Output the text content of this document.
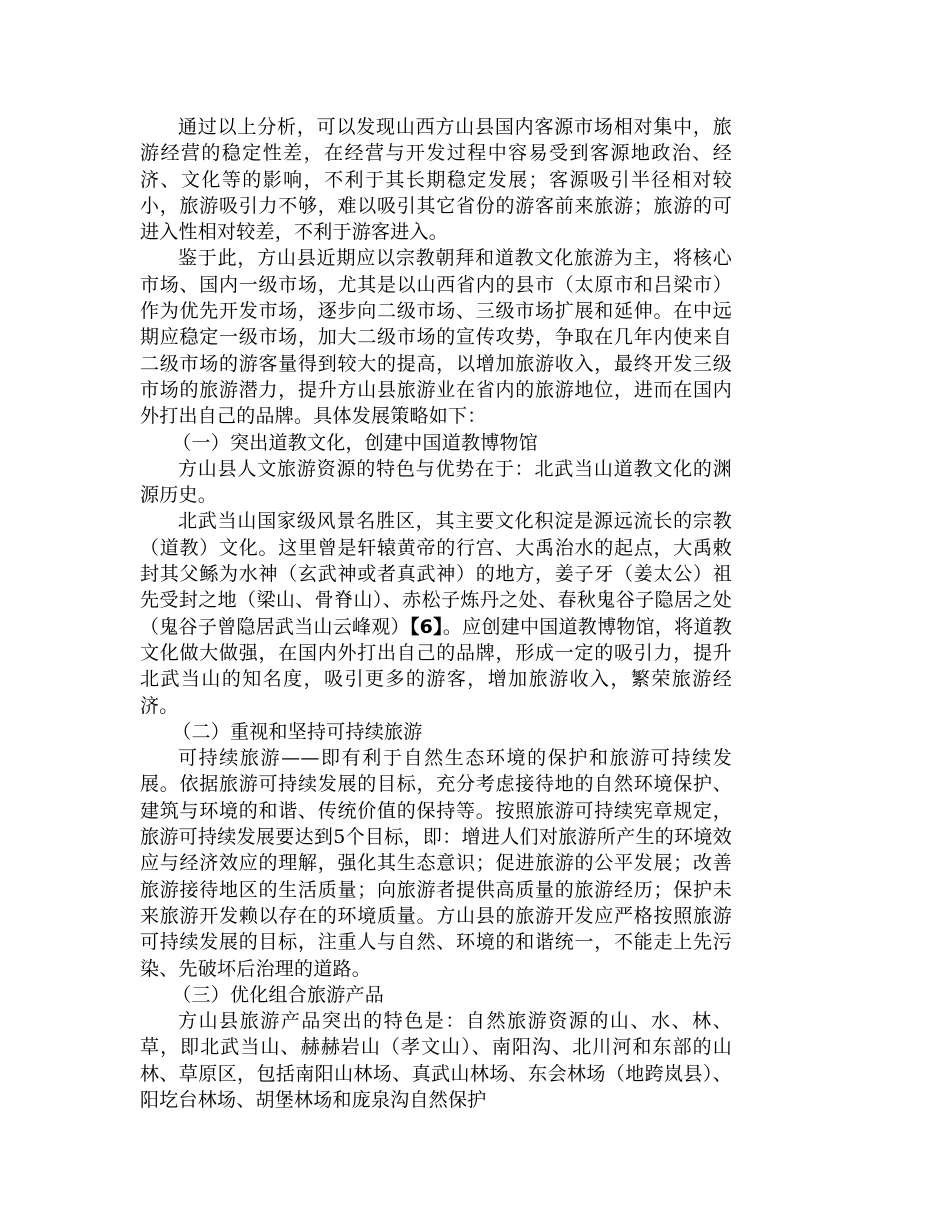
通过以上分析，可以发现山西方山县国内客源市场相对集中，旅游经营的稳定性差，在经营与开发过程中容易受到客源地政治、经济、文化等的影响，不利于其长期稳定发展；客源吸引半径相对较小，旅游吸引力不够，难以吸引其它省份的游客前来旅游；旅游的可进入性相对较差，不利于游客进入。

鉴于此，方山县近期应以宗教朝拜和道教文化旅游为主，将核心市场、国内一级市场，尤其是以山西省内的县市（太原市和吕梁市）作为优先开发市场，逐步向二级市场、三级市场扩展和延伸。在中远期应稳定一级市场，加大二级市场的宣传攻势，争取在几年内使来自二级市场的游客量得到较大的提高，以增加旅游收入，最终开发三级市场的旅游潜力，提升方山县旅游业在省内的旅游地位，进而在国内外打出自己的品牌。具体发展策略如下：

（一）突出道教文化，创建中国道教博物馆

方山县人文旅游资源的特色与优势在于：北武当山道教文化的渊源历史。

北武当山国家级风景名胜区，其主要文化积淀是源远流长的宗教（道教）文化。这里曾是轩辕黄帝的行宫、大禹治水的起点，大禹敕封其父鲧为水神（玄武神或者真武神）的地方，姜子牙（姜太公）祖先受封之地（梁山、骨脊山）、赤松子炼丹之处、春秋鬼谷子隐居之处（鬼谷子曾隐居武当山云峰观）【6】。应创建中国道教博物馆，将道教文化做大做强，在国内外打出自己的品牌，形成一定的吸引力，提升北武当山的知名度，吸引更多的游客，增加旅游收入，繁荣旅游经济。

（二）重视和坚持可持续旅游

可持续旅游——即有利于自然生态环境的保护和旅游可持续发展。依据旅游可持续发展的目标，充分考虑接待地的自然环境保护、建筑与环境的和谐、传统价值的保持等。按照旅游可持续宪章规定，旅游可持续发展要达到5个目标，即：增进人们对旅游所产生的环境效应与经济效应的理解，强化其生态意识；促进旅游的公平发展；改善旅游接待地区的生活质量；向旅游者提供高质量的旅游经历；保护未来旅游开发赖以存在的环境质量。方山县的旅游开发应严格按照旅游可持续发展的目标，注重人与自然、环境的和谐统一，不能走上先污染、先破坏后治理的道路。

（三）优化组合旅游产品

方山县旅游产品突出的特色是：自然旅游资源的山、水、林、草，即北武当山、赫赫岩山（孝文山）、南阳沟、北川河和东部的山林、草原区，包括南阳山林场、真武山林场、东会林场（地跨岚县）、阳圪台林场、胡堡林场和庞泉沟自然保护
